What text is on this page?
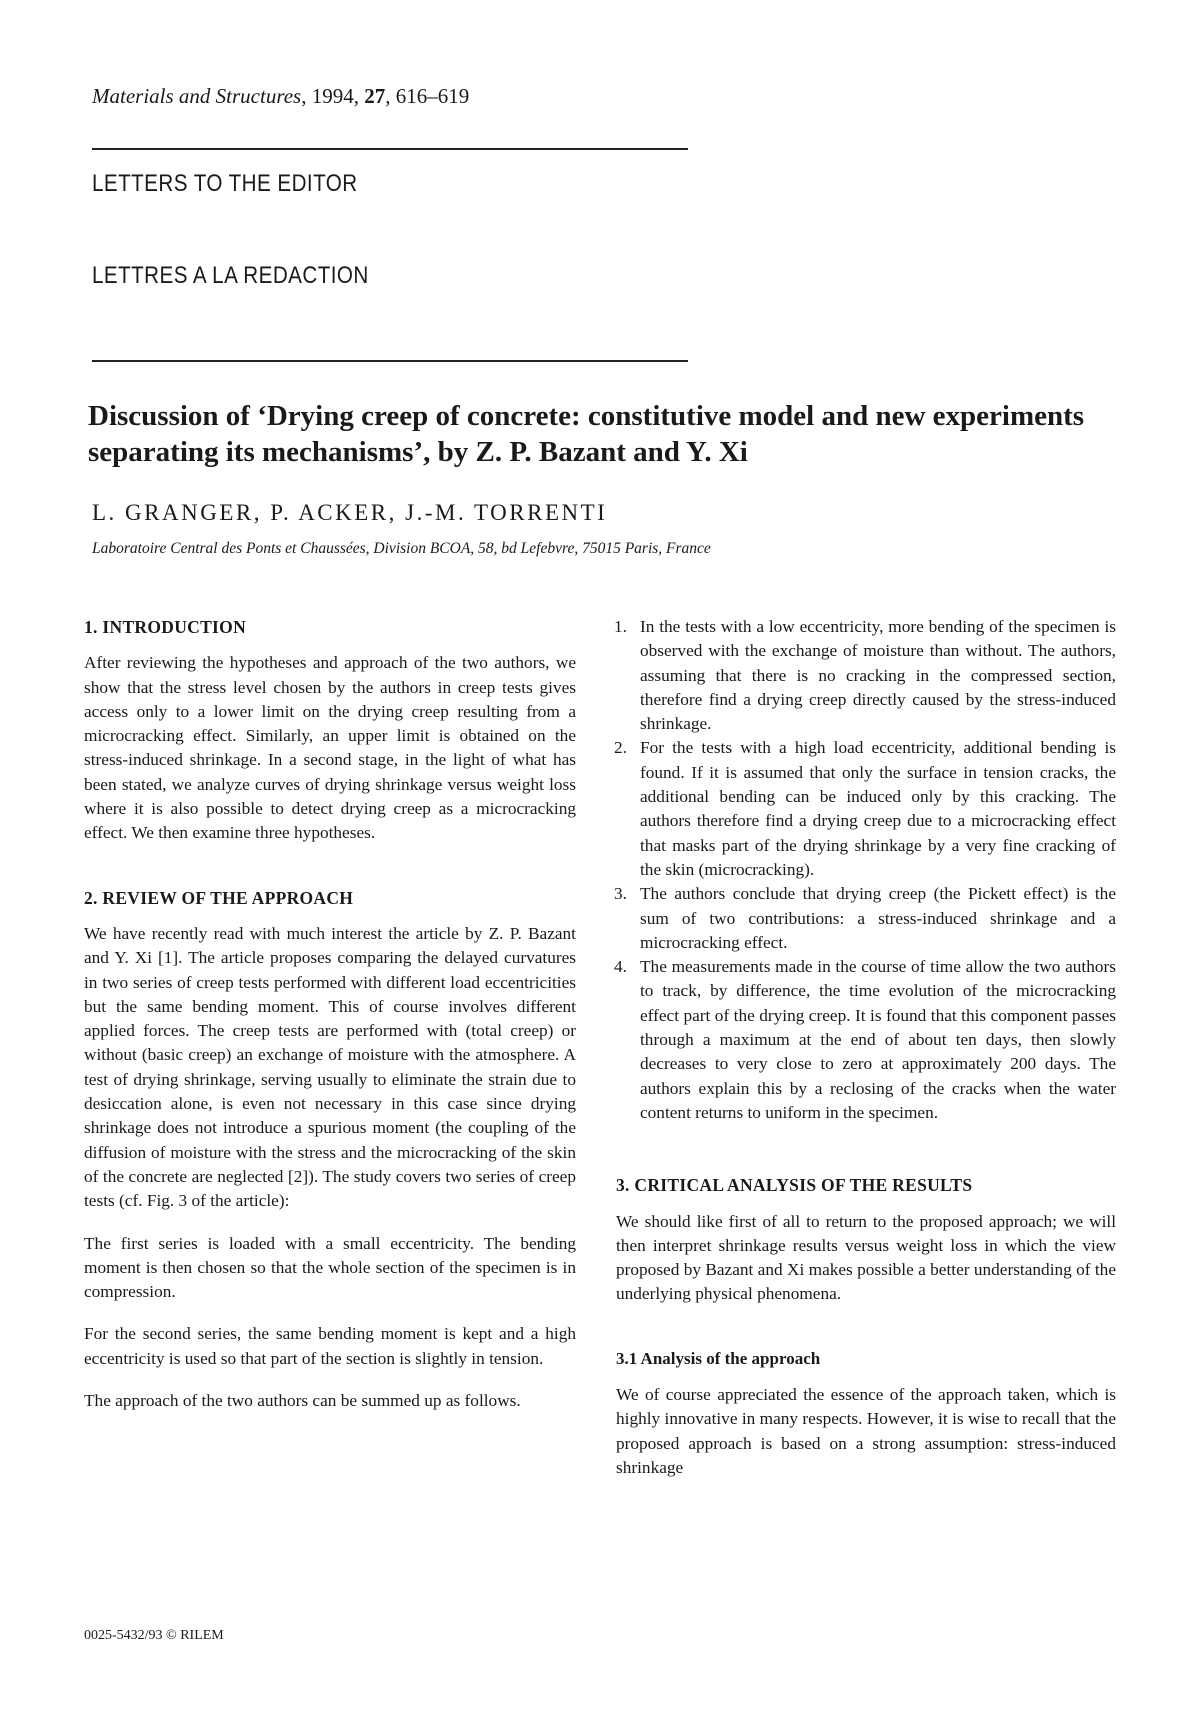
Materials and Structures, 1994, 27, 616–619
LETTERS TO THE EDITOR
LETTRES A LA REDACTION
Discussion of ‘Drying creep of concrete: constitutive model and new experiments separating its mechanisms’, by Z. P. Bazant and Y. Xi
L. GRANGER, P. ACKER, J.-M. TORRENTI
Laboratoire Central des Ponts et Chaussées, Division BCOA, 58, bd Lefebvre, 75015 Paris, France
1. INTRODUCTION

After reviewing the hypotheses and approach of the two authors, we show that the stress level chosen by the authors in creep tests gives access only to a lower limit on the drying creep resulting from a microcracking effect. Similarly, an upper limit is obtained on the stress-induced shrinkage. In a second stage, in the light of what has been stated, we analyze curves of drying shrinkage versus weight loss where it is also possible to detect drying creep as a microcracking effect. We then examine three hypotheses.

2. REVIEW OF THE APPROACH

We have recently read with much interest the article by Z. P. Bazant and Y. Xi [1]. The article proposes comparing the delayed curvatures in two series of creep tests performed with different load eccentricities but the same bending moment. This of course involves different applied forces. The creep tests are performed with (total creep) or without (basic creep) an exchange of moisture with the atmosphere. A test of drying shrinkage, serving usually to eliminate the strain due to desiccation alone, is even not necessary in this case since drying shrinkage does not introduce a spurious moment (the coupling of the diffusion of moisture with the stress and the microcracking of the skin of the concrete are neglected [2]). The study covers two series of creep tests (cf. Fig. 3 of the article):

The first series is loaded with a small eccentricity. The bending moment is then chosen so that the whole section of the specimen is in compression.

For the second series, the same bending moment is kept and a high eccentricity is used so that part of the section is slightly in tension.

The approach of the two authors can be summed up as follows.

1. In the tests with a low eccentricity, more bending of the specimen is observed with the exchange of moisture than without. The authors, assuming that there is no cracking in the compressed section, therefore find a drying creep directly caused by the stress-induced shrinkage.
2. For the tests with a high load eccentricity, additional bending is found. If it is assumed that only the surface in tension cracks, the additional bending can be induced only by this cracking. The authors therefore find a drying creep due to a microcracking effect that masks part of the drying shrinkage by a very fine cracking of the skin (microcracking).
3. The authors conclude that drying creep (the Pickett effect) is the sum of two contributions: a stress-induced shrinkage and a microcracking effect.
4. The measurements made in the course of time allow the two authors to track, by difference, the time evolution of the microcracking effect part of the drying creep. It is found that this component passes through a maximum at the end of about ten days, then slowly decreases to very close to zero at approximately 200 days. The authors explain this by a reclosing of the cracks when the water content returns to uniform in the specimen.
3. CRITICAL ANALYSIS OF THE RESULTS

We should like first of all to return to the proposed approach; we will then interpret shrinkage results versus weight loss in which the view proposed by Bazant and Xi makes possible a better understanding of the underlying physical phenomena.

3.1 Analysis of the approach

We of course appreciated the essence of the approach taken, which is highly innovative in many respects. However, it is wise to recall that the proposed approach is based on a strong assumption: stress-induced shrinkage

0025-5432/93 © RILEM
